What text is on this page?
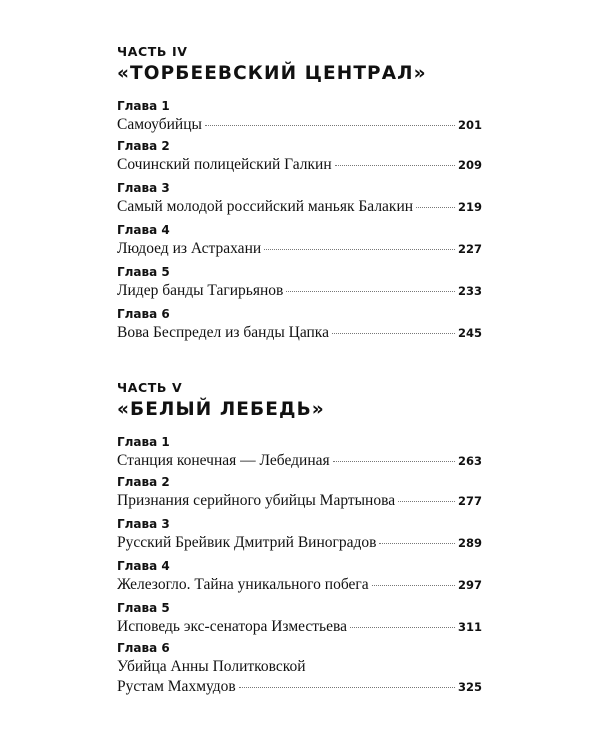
ЧАСТЬ IV
«ТОРБЕЕВСКИЙ ЦЕНТРАЛ»
Глава 1
Самоубийцы	201
Глава 2
Сочинский полицейский Галкин	209
Глава 3
Самый молодой российский маньяк Балакин	219
Глава 4
Людоед из Астрахани	227
Глава 5
Лидер банды Тагирьянов	233
Глава 6
Вова Беспредел из банды Цапка	245
ЧАСТЬ V
«БЕЛЫЙ ЛЕБЕДЬ»
Глава 1
Станция конечная — Лебединая	263
Глава 2
Признания серийного убийцы Мартынова	277
Глава 3
Русский Брейвик Дмитрий Виноградов	289
Глава 4
Железогло. Тайна уникального побега	297
Глава 5
Исповедь экс-сенатора Изместьева	311
Глава 6
Убийца Анны Политковской
Рустам Махмудов	325
